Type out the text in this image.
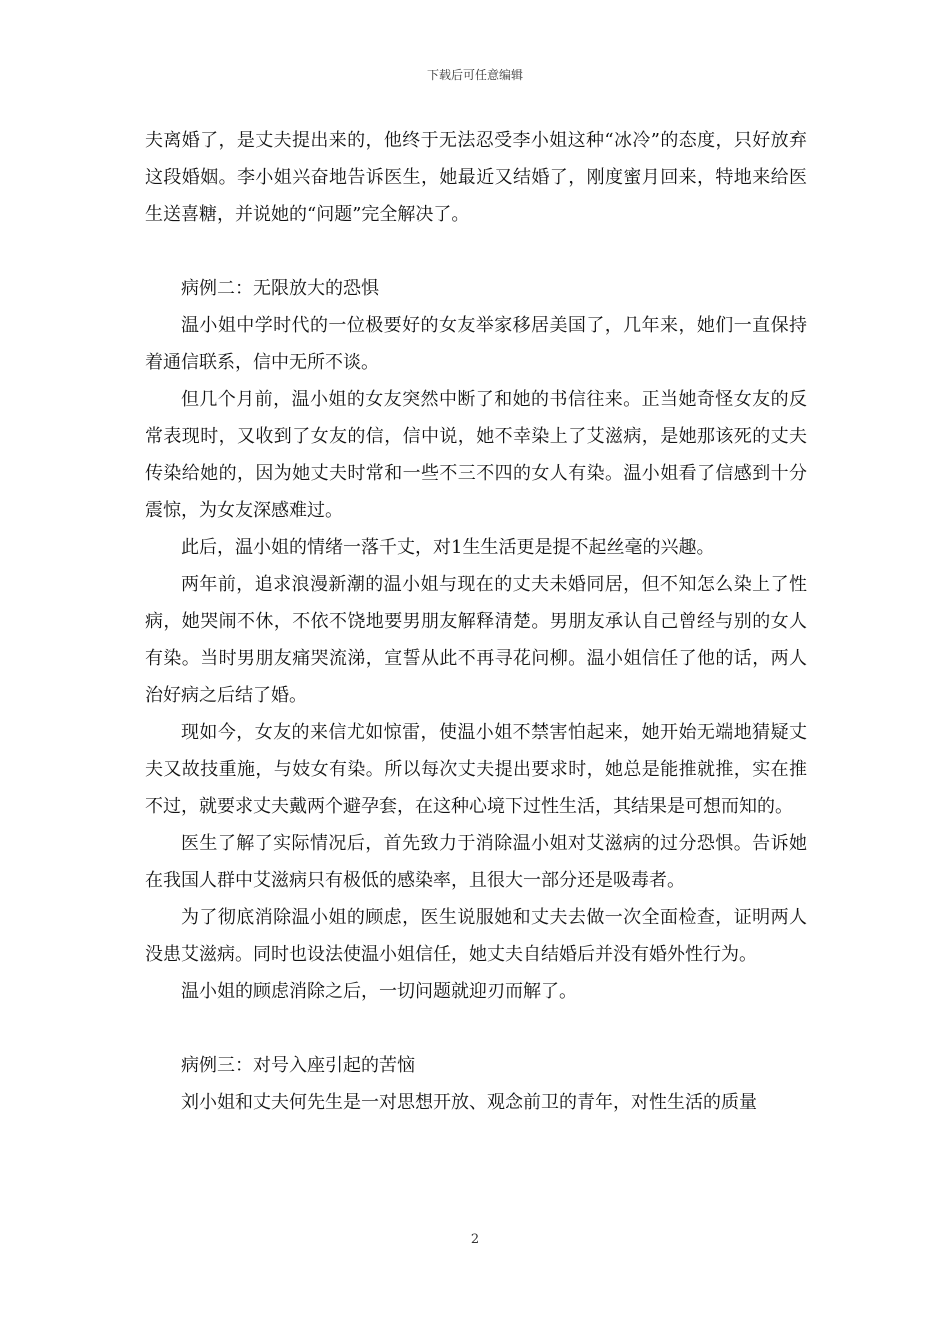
下载后可任意编辑

夫离婚了，是丈夫提出来的，他终于无法忍受李小姐这种“冰冷”的态度，只好放弃这段婚姻。李小姐兴奋地告诉医生，她最近又结婚了，刚度蜜月回来，特地来给医生送喜糖，并说她的“问题”完全解决了。

病例二：无限放大的恐惧

温小姐中学时代的一位极要好的女友举家移居美国了，几年来，她们一直保持着通信联系，信中无所不谈。

但几个月前，温小姐的女友突然中断了和她的书信往来。正当她奇怪女友的反常表现时，又收到了女友的信，信中说，她不幸染上了艾滋病，是她那该死的丈夫传染给她的，因为她丈夫时常和一些不三不四的女人有染。温小姐看了信感到十分震惊，为女友深感难过。

此后，温小姐的情绪一落千丈，对1生生活更是提不起丝毫的兴趣。

两年前，追求浪漫新潮的温小姐与现在的丈夫未婚同居，但不知怎么染上了性病，她哭闹不休，不依不饶地要男朋友解释清楚。男朋友承认自己曾经与别的女人有染。当时男朋友痛哭流涕，宣誓从此不再寻花问柳。温小姐信任了他的话，两人治好病之后结了婚。

现如今，女友的来信尤如惊雷，使温小姐不禁害怕起来，她开始无端地猜疑丈夫又故技重施，与妓女有染。所以每次丈夫提出要求时，她总是能推就推，实在推不过，就要求丈夫戴两个避孕套，在这种心境下过性生活，其结果是可想而知的。

医生了解了实际情况后，首先致力于消除温小姐对艾滋病的过分恐惧。告诉她在我国人群中艾滋病只有极低的感染率，且很大一部分还是吸毒者。

为了彻底消除温小姐的顾虑，医生说服她和丈夫去做一次全面检查，证明两人没患艾滋病。同时也设法使温小姐信任，她丈夫自结婚后并没有婚外性行为。

温小姐的顾虑消除之后，一切问题就迎刃而解了。

病例三：对号入座引起的苦恼

刘小姐和丈夫何先生是一对思想开放、观念前卫的青年，对性生活的质量

2
